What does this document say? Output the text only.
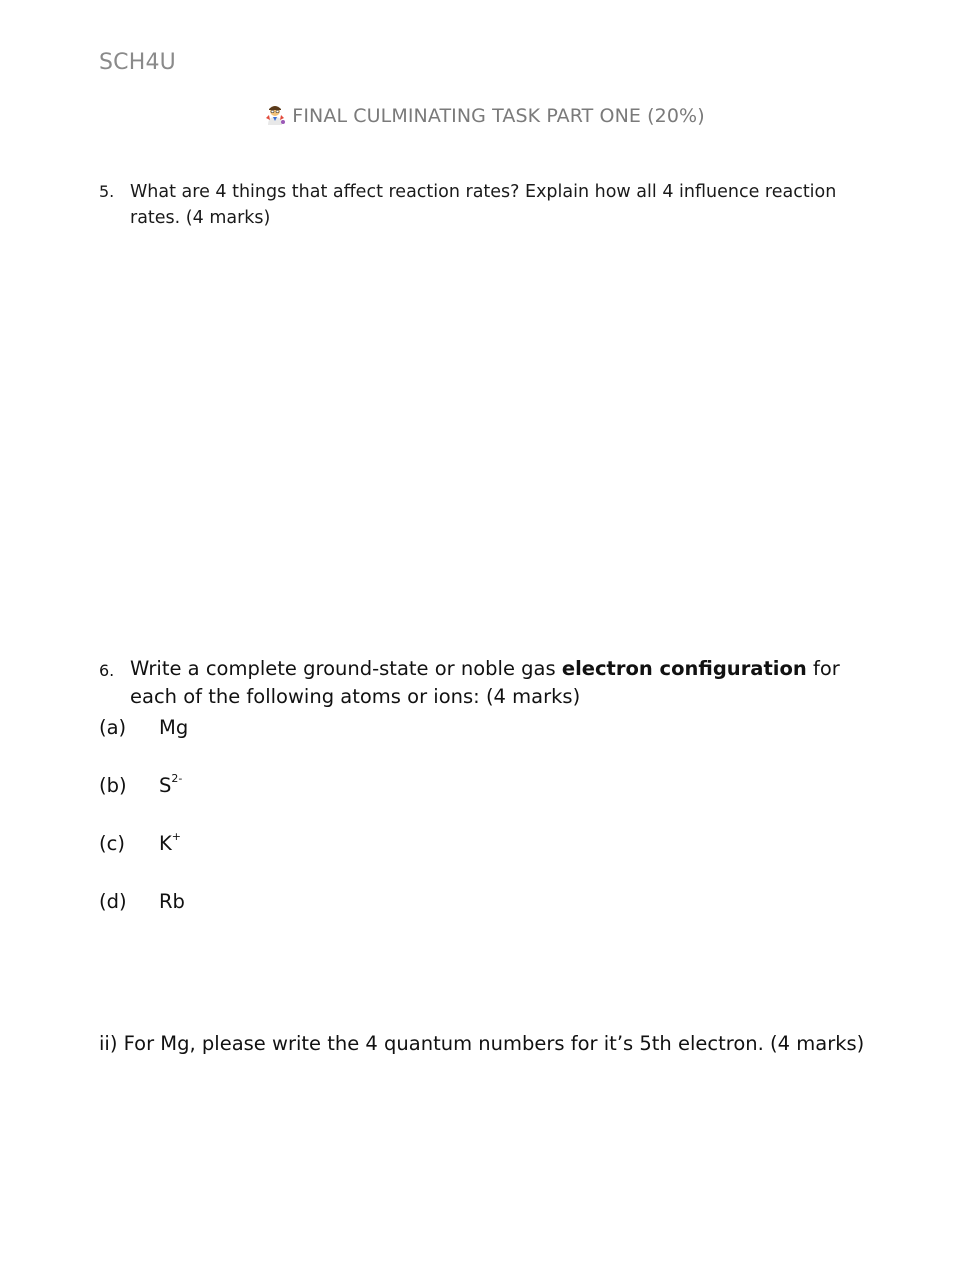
SCH4U
FINAL CULMINATING TASK PART ONE (20%)
5. What are 4 things that affect reaction rates? Explain how all 4 influence reaction rates. (4 marks)
6. Write a complete ground-state or noble gas electron configuration for each of the following atoms or ions: (4 marks)
(a) Mg
(b) $S^{2-}$
(c) K+
(d) Rb
ii) For Mg, please write the 4 quantum numbers for it’s 5th electron. (4 marks)
